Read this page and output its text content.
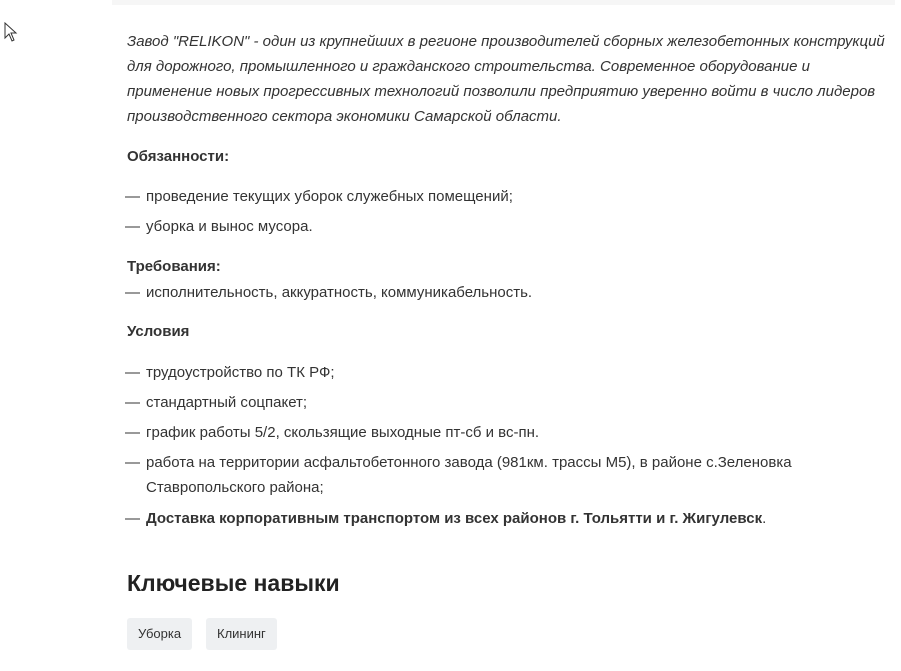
Завод "RELIKON" - один из крупнейших в регионе производителей сборных железобетонных конструкций для дорожного, промышленного и гражданского строительства. Современное оборудование и применение новых прогрессивных технологий позволили предприятию уверенно войти в число лидеров производственного сектора экономики Самарской области.
Обязанности:
— проведение текущих уборок служебных помещений;
— уборка и вынос мусора.
Требования:
— исполнительность, аккуратность, коммуникабельность.
Условия
— трудоустройство по ТК РФ;
— стандартный соцпакет;
— график работы 5/2, скользящие выходные пт-сб и вс-пн.
— работа на территории асфальтобетонного завода (981км. трассы М5), в районе с.Зеленовка Ставропольского района;
— Доставка корпоративным транспортом из всех районов г. Тольятти и г. Жигулевск.
Ключевые навыки
Уборка	Клининг
